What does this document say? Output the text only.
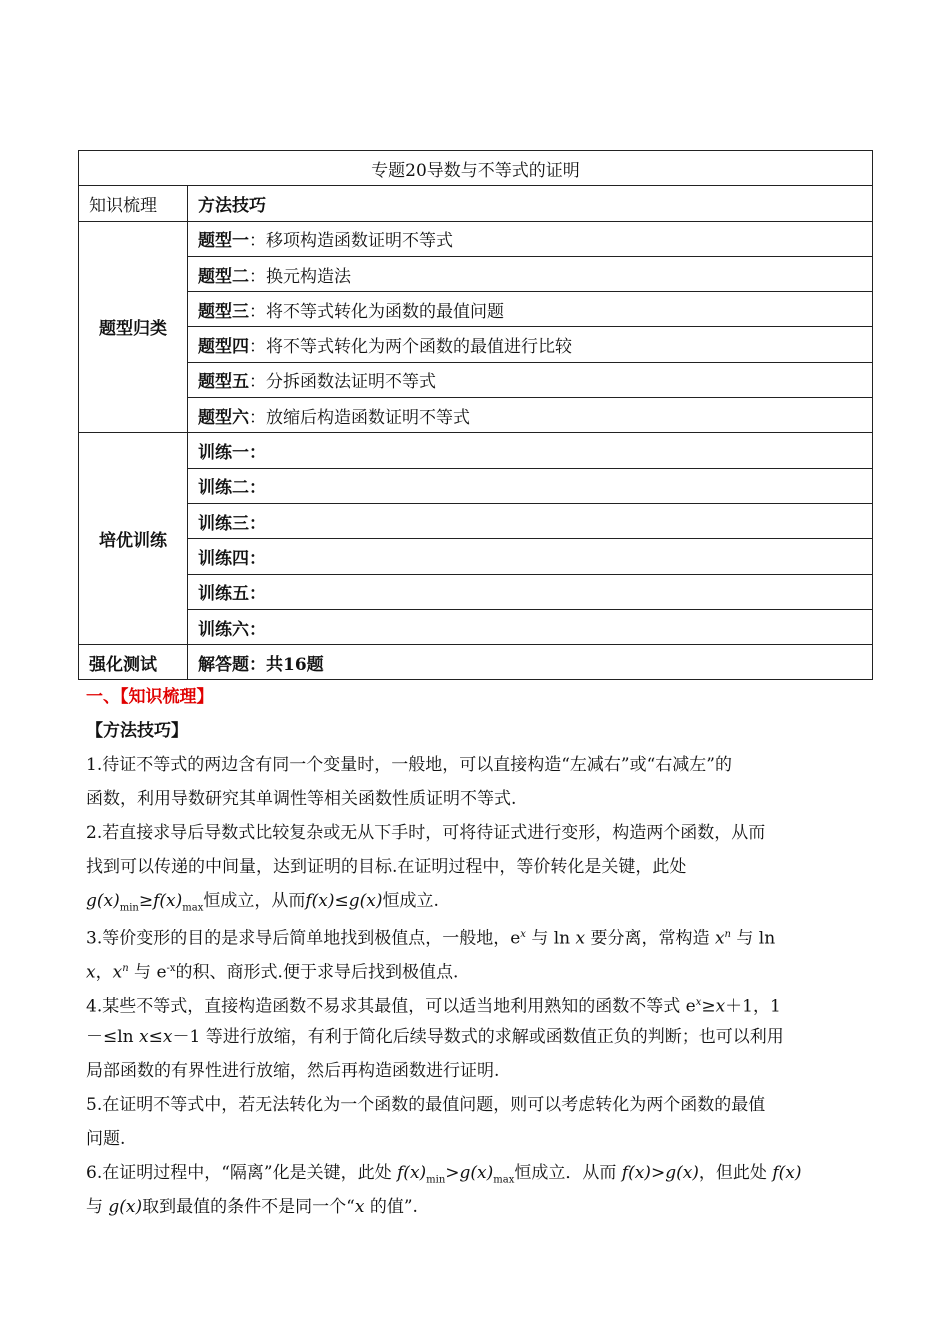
专题20导数与不等式的证明	
知识梳理	方法技巧
题型归类	题型一：移项构造函数证明不等式
	题型二：换元构造法
	题型三：将不等式转化为函数的最值问题
	题型四：将不等式转化为两个函数的最值进行比较
	题型五：分拆函数法证明不等式
	题型六：放缩后构造函数证明不等式
培优训练	训练一：
	训练二：
	训练三：
	训练四：
	训练五：
	训练六：
强化测试	解答题：共16题
一、【知识梳理】
【方法技巧】
1.待证不等式的两边含有同一个变量时，一般地，可以直接构造“左减右”或“右减左”的
函数，利用导数研究其单调性等相关函数性质证明不等式.
2.若直接求导后导数式比较复杂或无从下手时，可将待证式进行变形，构造两个函数，从而
找到可以传递的中间量，达到证明的目标.在证明过程中，等价转化是关键，此处
$g(x)_{min}\ge f(x)_{max}$恒成立，从而f(x)≤g(x)恒成立.
3.等价变形的目的是求导后简单地找到极值点，一般地，$e^x$ 与 ln x 要分离，常构造 $x^n$ 与 ln
x，$x^n$ 与 $e^{-x}$的积、商形式.便于求导后找到极值点.
4.某些不等式，直接构造函数不易求其最值，可以适当地利用熟知的函数不等式 $e^x\ge x+1$，1
－≤ln x≤x－1 等进行放缩，有利于简化后续导数式的求解或函数值正负的判断；也可以利用
局部函数的有界性进行放缩，然后再构造函数进行证明.
5.在证明不等式中，若无法转化为一个函数的最值问题，则可以考虑转化为两个函数的最值
问题.
6.在证明过程中，“隔离”化是关键，此处 $f(x)_{min}>g(x)_{max}$恒成立．从而 f(x)>g(x)，但此处 f(x)
与 g(x)取到最值的条件不是同一个“x 的值”.
